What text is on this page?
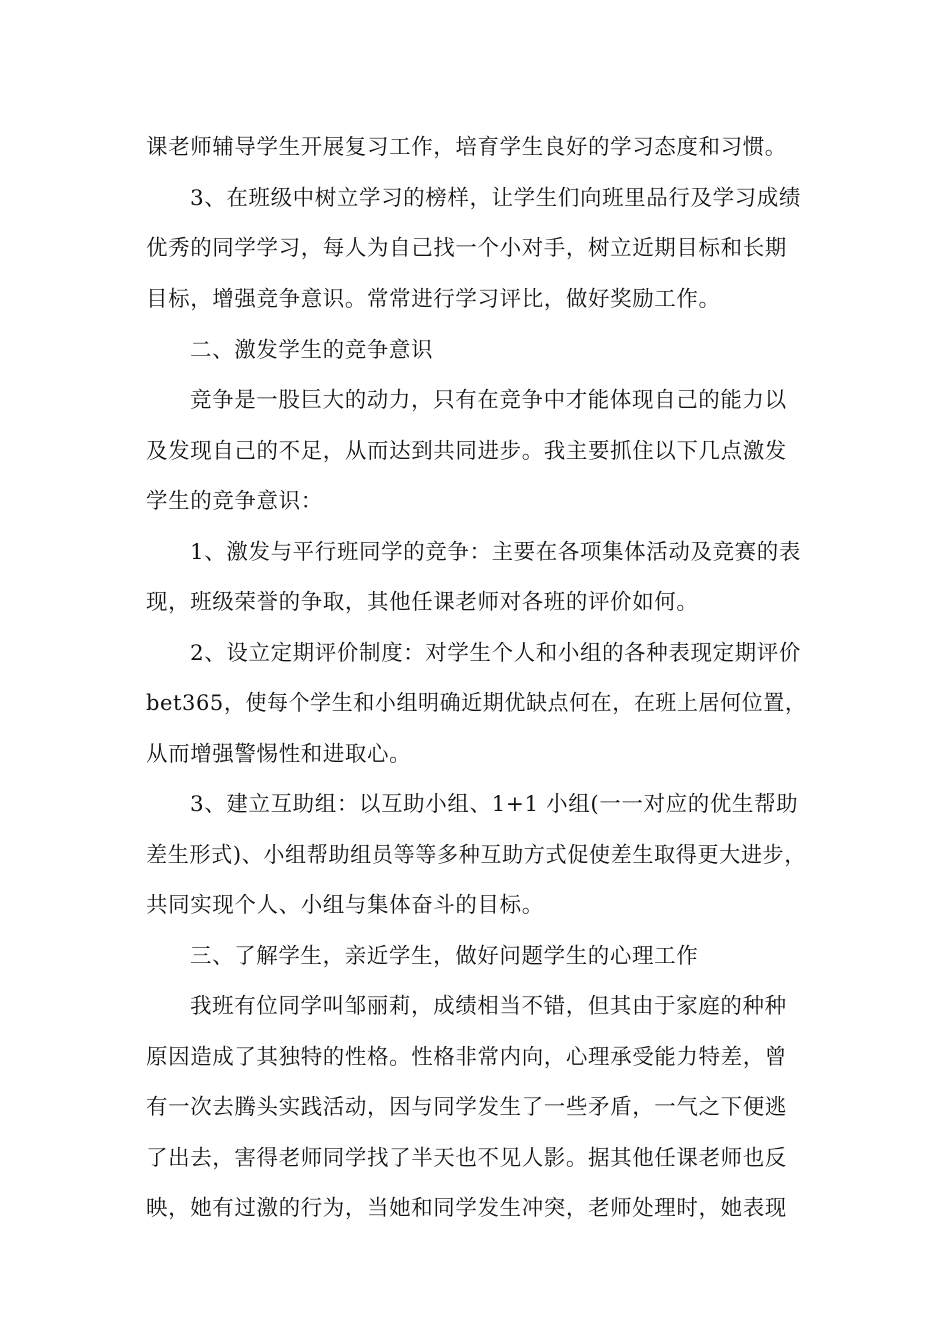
课老师辅导学生开展复习工作，培育学生良好的学习态度和习惯。
3、在班级中树立学习的榜样，让学生们向班里品行及学习成绩
优秀的同学学习，每人为自己找一个小对手，树立近期目标和长期
目标，增强竞争意识。常常进行学习评比，做好奖励工作。
二、激发学生的竞争意识
竞争是一股巨大的动力，只有在竞争中才能体现自己的能力以
及发现自己的不足，从而达到共同进步。我主要抓住以下几点激发
学生的竞争意识：
1、激发与平行班同学的竞争：主要在各项集体活动及竞赛的表
现，班级荣誉的争取，其他任课老师对各班的评价如何。
2、设立定期评价制度：对学生个人和小组的各种表现定期评价
bet365，使每个学生和小组明确近期优缺点何在，在班上居何位置，
从而增强警惕性和进取心。
3、建立互助组：以互助小组、1+1 小组(一一对应的优生帮助
差生形式)、小组帮助组员等等多种互助方式促使差生取得更大进步，
共同实现个人、小组与集体奋斗的目标。
三、了解学生，亲近学生，做好问题学生的心理工作
我班有位同学叫邹丽莉，成绩相当不错，但其由于家庭的种种
原因造成了其独特的性格。性格非常内向，心理承受能力特差，曾
有一次去腾头实践活动，因与同学发生了一些矛盾，一气之下便逃
了出去，害得老师同学找了半天也不见人影。据其他任课老师也反
映，她有过激的行为，当她和同学发生冲突，老师处理时，她表现
